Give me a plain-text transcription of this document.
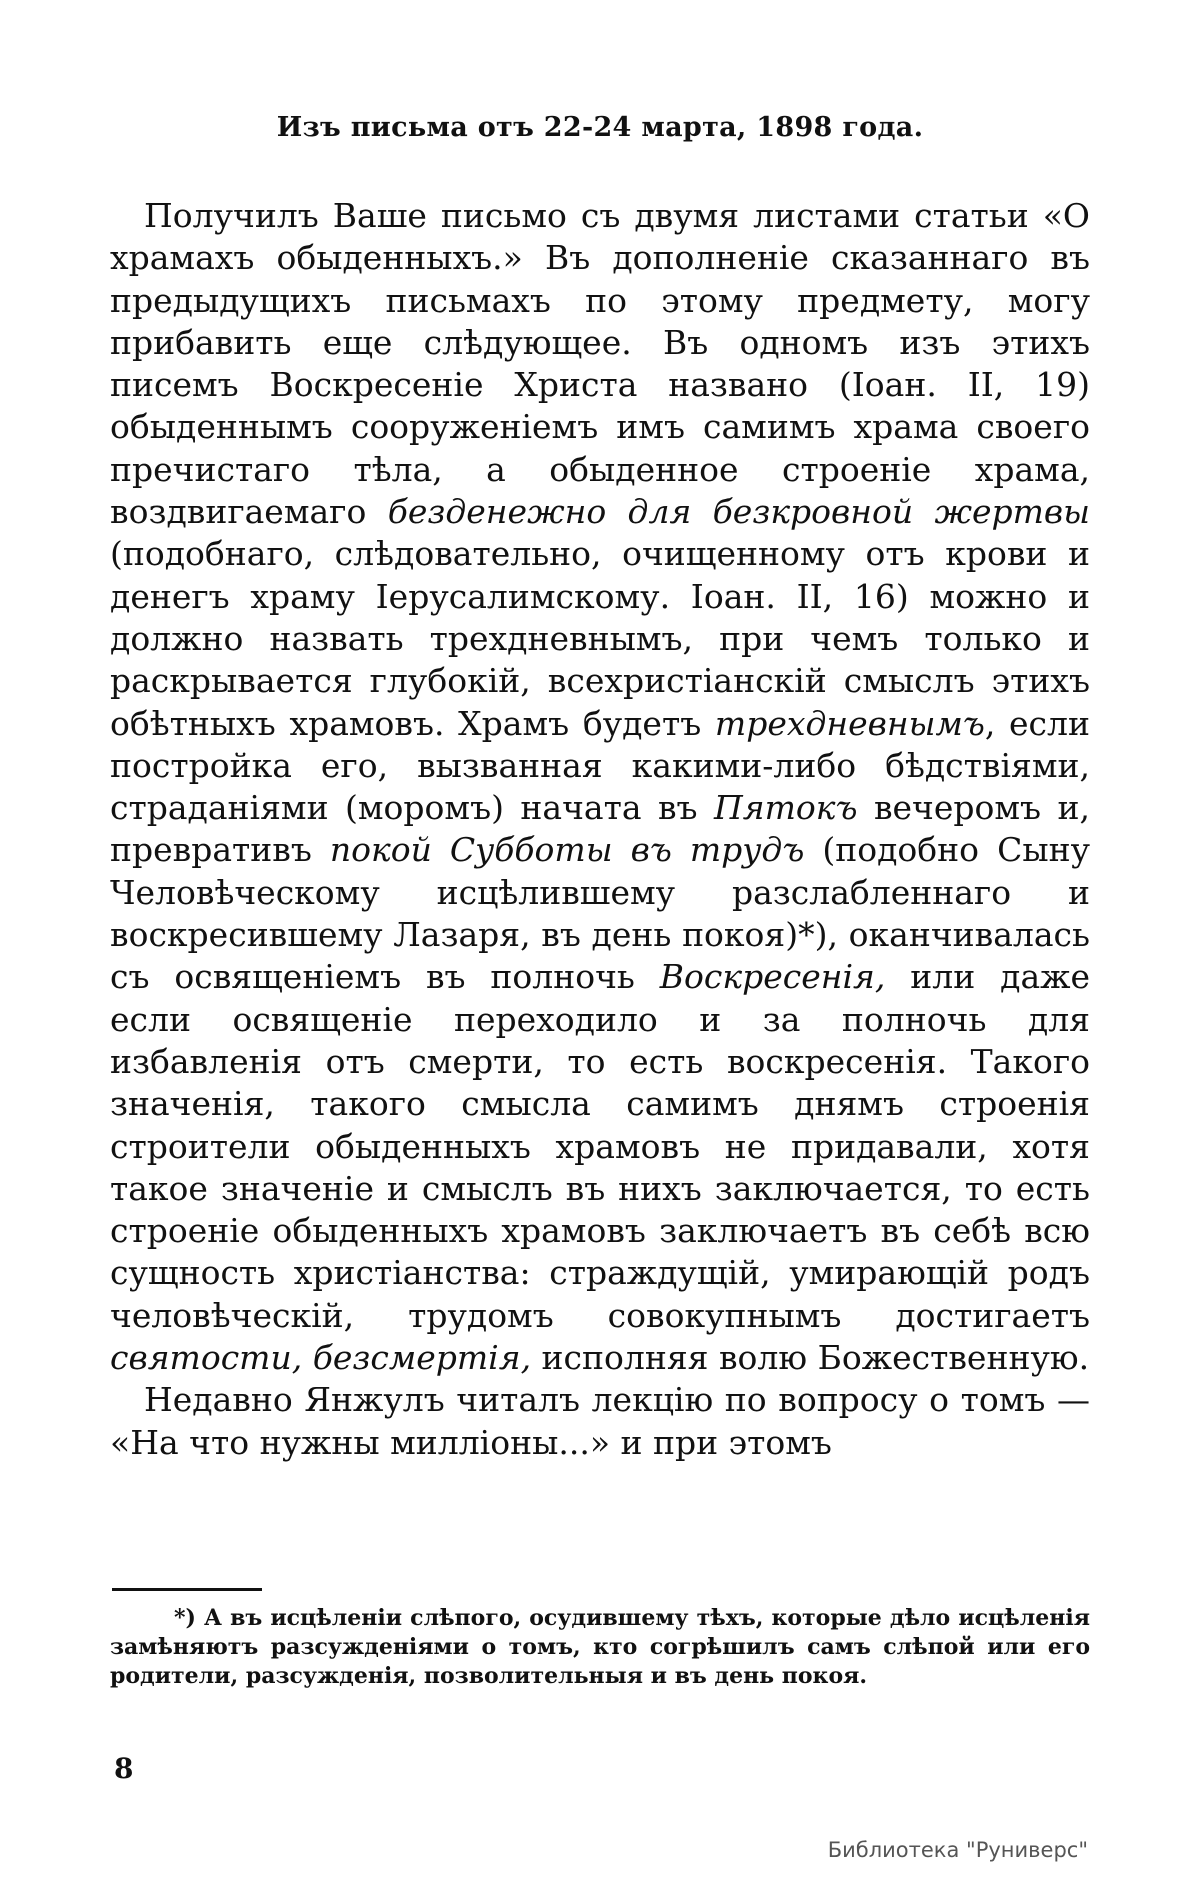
Изъ письма отъ 22-24 марта, 1898 года.

Получилъ Ваше письмо съ двумя листами статьи «О храмахъ обыденныхъ.» Въ дополненіе сказаннаго въ предыдущихъ письмахъ по этому предмету, могу прибавить еще слѣдующее. Въ одномъ изъ этихъ писемъ Воскресеніе Христа названо (Іоан. II, 19) обыденнымъ сооруженіемъ имъ самимъ храма своего пречистаго тѣла, а обыденное строеніе храма, воздвигаемаго безденежно для безкровной жертвы (подобнаго, слѣдовательно, очищенному отъ крови и денегъ храму Іерусалимскому. Іоан. II, 16) можно и должно назвать трехдневнымъ, при чемъ только и раскрывается глубокій, всехристіанскій смыслъ этихъ обѣтныхъ храмовъ. Храмъ будетъ трехдневнымъ, если постройка его, вызванная какими-либо бѣдствіями, страданіями (моромъ) начата въ Пятокъ вечеромъ и, превративъ покой Субботы въ трудъ (подобно Сыну Человѣческому исцѣлившему разслабленнаго и воскресившему Лазаря, въ день покоя)*), оканчивалась съ освященіемъ въ полночь Воскресенія, или даже если освященіе переходило и за полночь для избавленія отъ смерти, то есть воскресенія. Такого значенія, такого смысла самимъ днямъ строенія строители обыденныхъ храмовъ не придавали, хотя такое значеніе и смыслъ въ нихъ заключается, то есть строеніе обыденныхъ храмовъ заключаетъ въ себѣ всю сущность христіанства: страждущій, умирающій родъ человѣческій, трудомъ совокупнымъ достигаетъ святости, безсмертія, исполняя волю Божественную.

Недавно Янжулъ читалъ лекцію по вопросу о томъ — «На что нужны милліоны...» и при этомъ

*) А въ исцѣленіи слѣпого, осудившему тѣхъ, которые дѣло исцѣленія замѣняютъ разсужденіями о томъ, кто согрѣшилъ самъ слѣпой или его родители, разсужденія, позволительныя и въ день покоя.
8
Библиотека "Руниверс"
